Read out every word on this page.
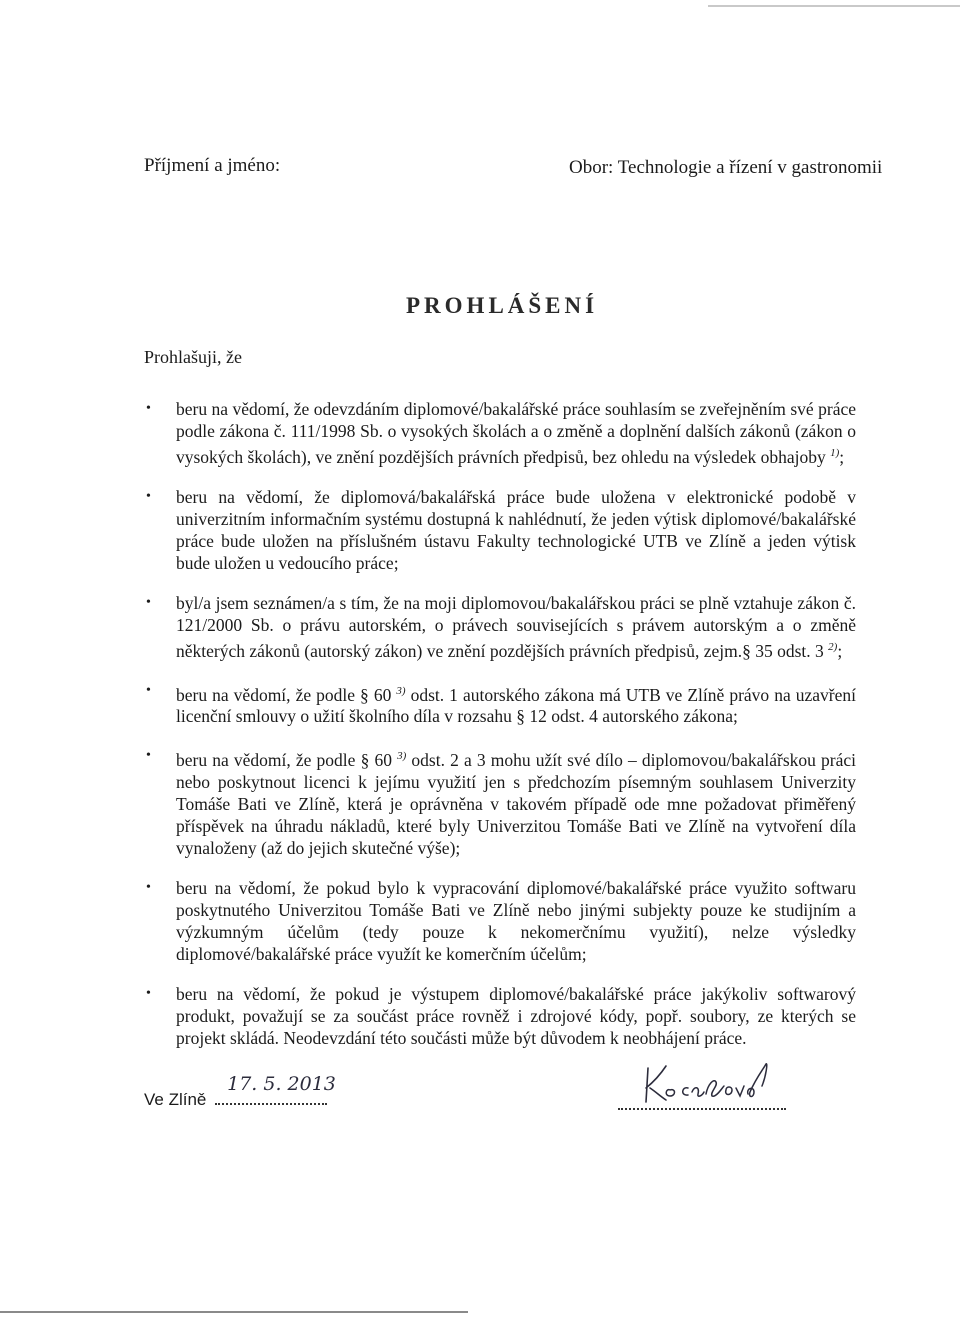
Příjmení a jméno:	Obor: Technologie a řízení v gastronomii
PROHLÁŠENÍ
Prohlašuji, že
• beru na vědomí, že odevzdáním diplomové/bakalářské práce souhlasím se zveřejněním své práce podle zákona č. 111/1998 Sb. o vysokých školách a o změně a doplnění dalších zákonů (zákon o vysokých školách), ve znění pozdějších právních předpisů, bez ohledu na výsledek obhajoby $^{1)}$;
• beru na vědomí, že diplomová/bakalářská práce bude uložena v elektronické podobě v univerzitním informačním systému dostupná k nahlédnutí, že jeden výtisk diplomové/bakalářské práce bude uložen na příslušném ústavu Fakulty technologické UTB ve Zlíně a jeden výtisk bude uložen u vedoucího práce;
• byl/a jsem seznámen/a s tím, že na moji diplomovou/bakalářskou práci se plně vztahuje zákon č. 121/2000 Sb. o právu autorském, o právech souvisejících s právem autorským a o změně některých zákonů (autorský zákon) ve znění pozdějších právních předpisů, zejm.§ 35 odst. 3 $^{2)}$;
• beru na vědomí, že podle § 60 $^{3)}$ odst. 1 autorského zákona má UTB ve Zlíně právo na uzavření licenční smlouvy o užití školního díla v rozsahu § 12 odst. 4 autorského zákona;
• beru na vědomí, že podle § 60 $^{3)}$ odst. 2 a 3 mohu užít své dílo – diplomovou/bakalářskou práci nebo poskytnout licenci k jejímu využití jen s předchozím písemným souhlasem Univerzity Tomáše Bati ve Zlíně, která je oprávněna v takovém případě ode mne požadovat přiměřený příspěvek na úhradu nákladů, které byly Univerzitou Tomáše Bati ve Zlíně na vytvoření díla vynaloženy (až do jejich skutečné výše);
• beru na vědomí, že pokud bylo k vypracování diplomové/bakalářské práce využito softwaru poskytnutého Univerzitou Tomáše Bati ve Zlíně nebo jinými subjekty pouze ke studijním a výzkumným účelům (tedy pouze k nekomerčnímu využití), nelze výsledky diplomové/bakalářské práce využít ke komerčním účelům;
• beru na vědomí, že pokud je výstupem diplomové/bakalářské práce jakýkoliv softwarový produkt, považují se za součást práce rovněž i zdrojové kódy, popř. soubory, ze kterých se projekt skládá. Neodevzdání této součásti může být důvodem k neobhájení práce.
Ve Zlíně
17. 5. 2013
